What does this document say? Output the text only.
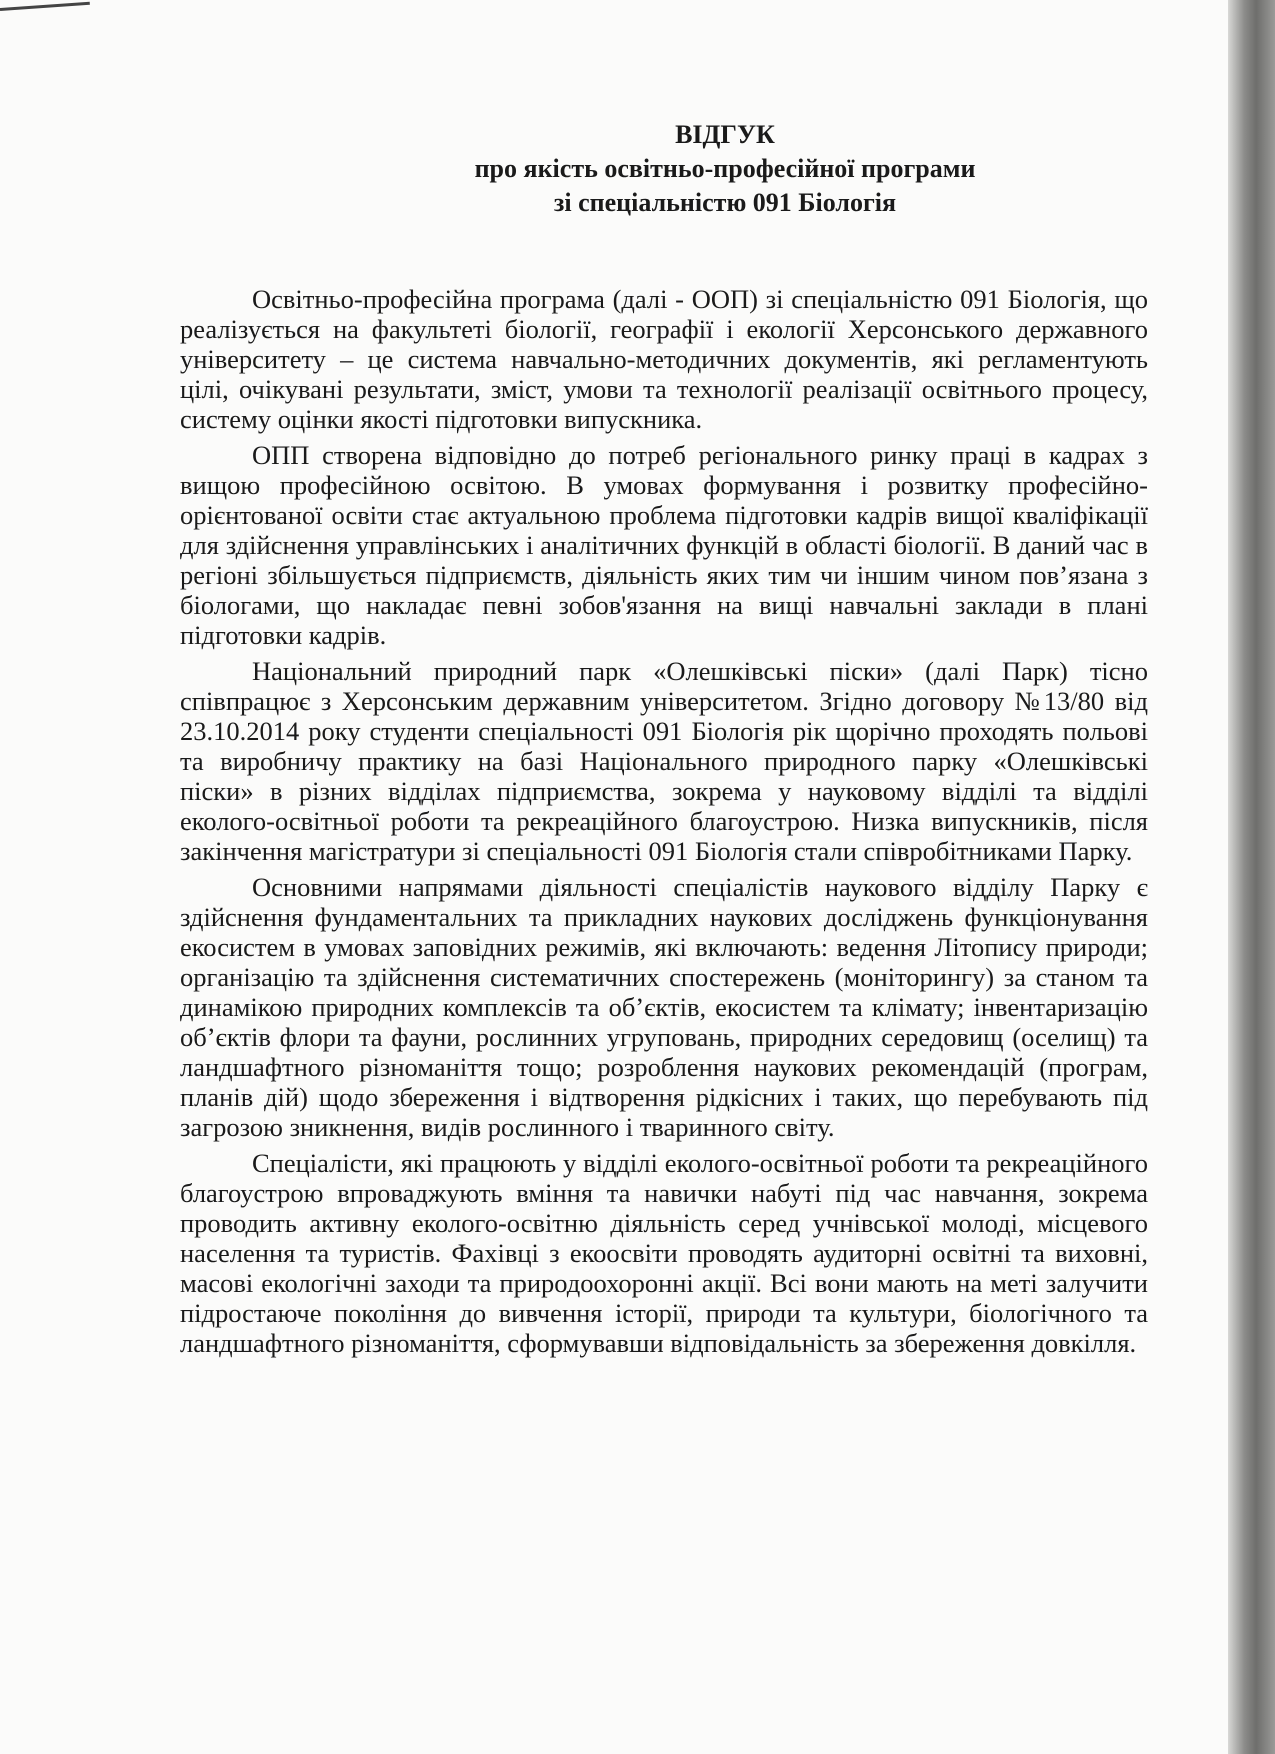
ВІДГУК
про якість освітньо-професійної програми
зі спеціальністю 091 Біологія

Освітньо-професійна програма (далі - ООП) зі спеціальністю 091 Біологія, що реалізується на факультеті біології, географії і екології Херсонського державного університету – це система навчально-методичних документів, які регламентують цілі, очікувані результати, зміст, умови та технології реалізації освітнього процесу, систему оцінки якості підготовки випускника.

ОПП створена відповідно до потреб регіонального ринку праці в кадрах з вищою професійною освітою. В умовах формування і розвитку професійно-орієнтованої освіти стає актуальною проблема підготовки кадрів вищої кваліфікації для здійснення управлінських і аналітичних функцій в області біології. В даний час в регіоні збільшується підприємств, діяльність яких тим чи іншим чином пов’язана з біологами, що накладає певні зобов'язання на вищі навчальні заклади в плані підготовки кадрів.

Національний природний парк «Олешківські піски» (далі Парк) тісно співпрацює з Херсонським державним університетом. Згідно договору №13/80 від 23.10.2014 року студенти спеціальності 091 Біологія рік щорічно проходять польові та виробничу практику на базі Національного природного парку «Олешківські піски» в різних відділах підприємства, зокрема у науковому відділі та відділі еколого-освітньої роботи та рекреаційного благоустрою. Низка випускників, після закінчення магістратури зі спеціальності 091 Біологія стали співробітниками Парку.

Основними напрямами діяльності спеціалістів наукового відділу Парку є здійснення фундаментальних та прикладних наукових досліджень функціонування екосистем в умовах заповідних режимів, які включають: ведення Літопису природи; організацію та здійснення систематичних спостережень (моніторингу) за станом та динамікою природних комплексів та об’єктів, екосистем та клімату; інвентаризацію об’єктів флори та фауни, рослинних угруповань, природних середовищ (оселищ) та ландшафтного різноманіття тощо; розроблення наукових рекомендацій (програм, планів дій) щодо збереження і відтворення рідкісних і таких, що перебувають під загрозою зникнення, видів рослинного і тваринного світу.

Спеціалісти, які працюють у відділі еколого-освітньої роботи та рекреаційного благоустрою впроваджують вміння та навички набуті під час навчання, зокрема проводить активну еколого-освітню діяльність серед учнівської молоді, місцевого населення та туристів. Фахівці з екоосвіти проводять аудиторні освітні та виховні, масові екологічні заходи та природоохоронні акції. Всі вони мають на меті залучити підростаюче покоління до вивчення історії, природи та культури, біологічного та ландшафтного різноманіття, сформувавши відповідальність за збереження довкілля.
